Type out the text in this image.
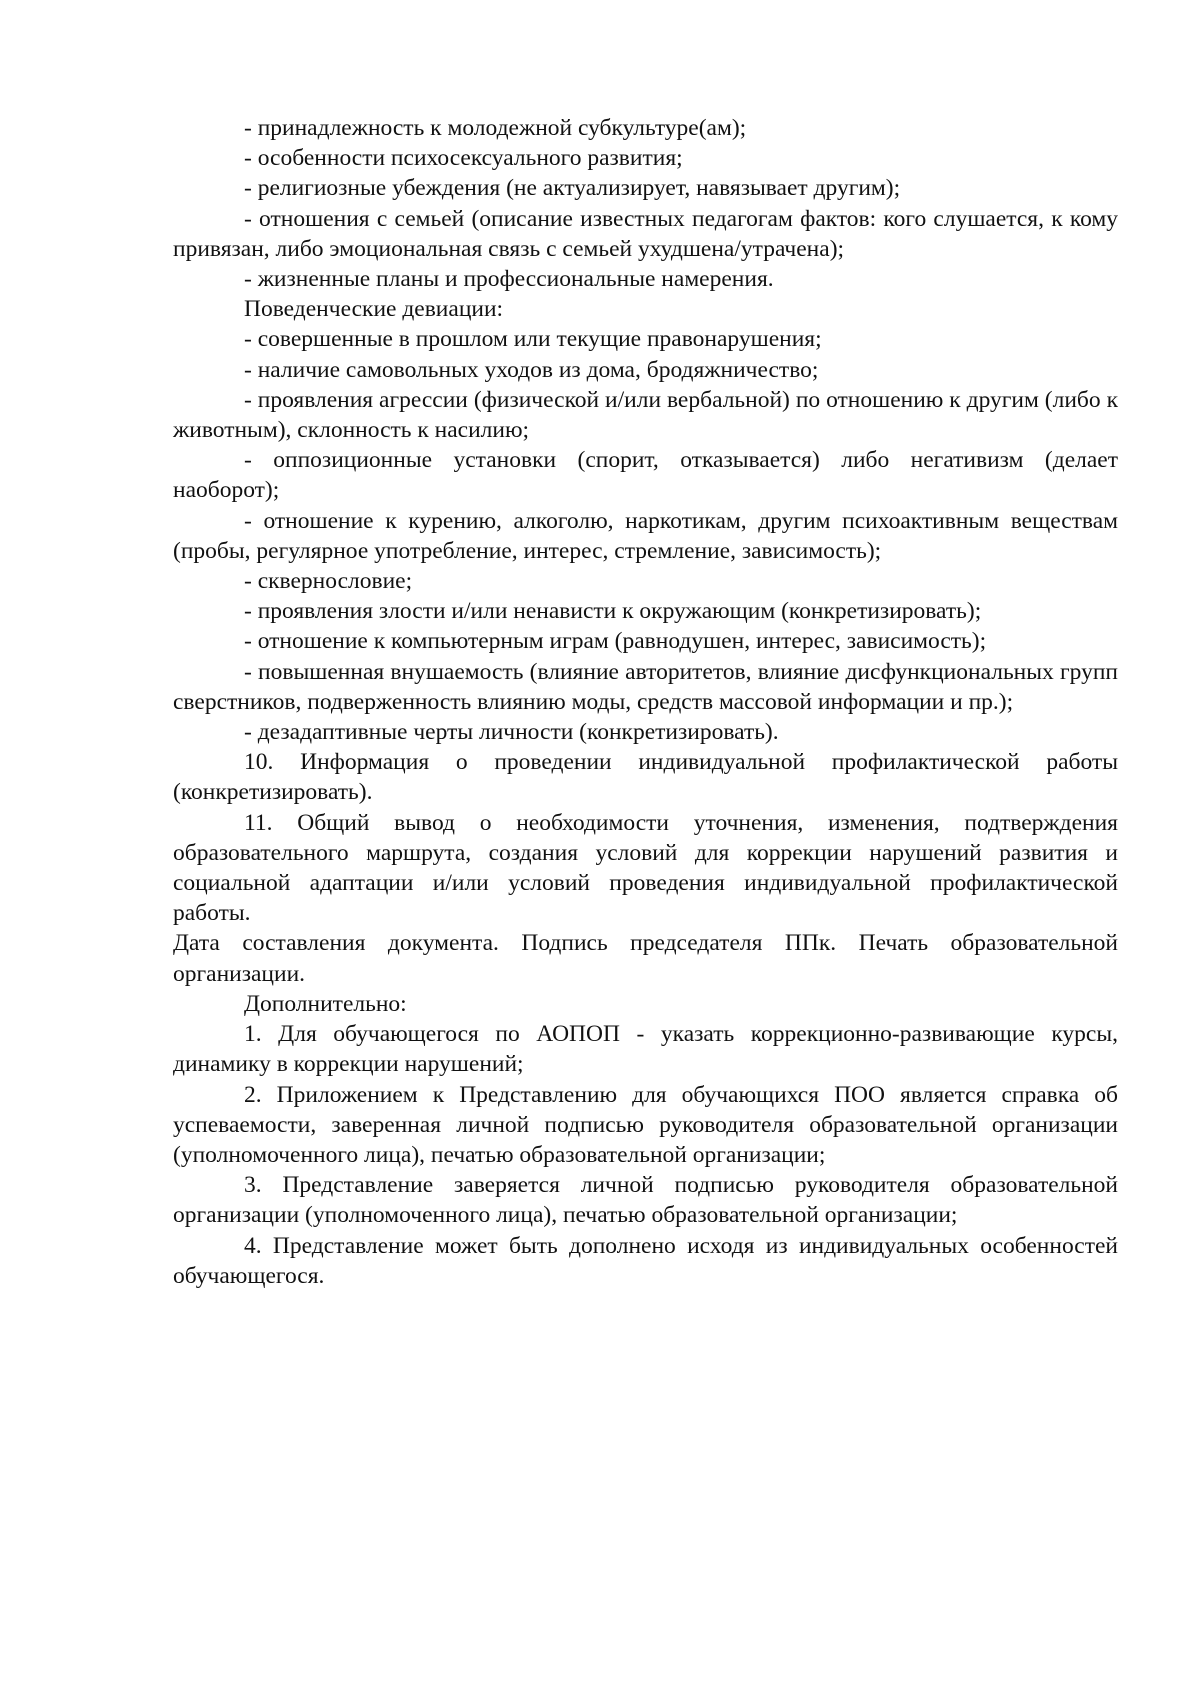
- принадлежность к молодежной субкультуре(ам);

- особенности психосексуального развития;

- религиозные убеждения (не актуализирует, навязывает другим);

- отношения с семьей (описание известных педагогам фактов: кого слушается, к кому привязан, либо эмоциональная связь с семьей ухудшена/утрачена);

- жизненные планы и профессиональные намерения.

Поведенческие девиации:

- совершенные в прошлом или текущие правонарушения;

- наличие самовольных уходов из дома, бродяжничество;

- проявления агрессии (физической и/или вербальной) по отношению к другим (либо к животным), склонность к насилию;

- оппозиционные установки (спорит, отказывается) либо негативизм (делает наоборот);

- отношение к курению, алкоголю, наркотикам, другим психоактивным веществам (пробы, регулярное употребление, интерес, стремление, зависимость);

- сквернословие;

- проявления злости и/или ненависти к окружающим (конкретизировать);

- отношение к компьютерным играм (равнодушен, интерес, зависимость);

- повышенная внушаемость (влияние авторитетов, влияние дисфункциональных групп сверстников, подверженность влиянию моды, средств массовой информации и пр.);

- дезадаптивные черты личности (конкретизировать).

10. Информация о проведении индивидуальной профилактической работы (конкретизировать).

11. Общий вывод о необходимости уточнения, изменения, подтверждения образовательного маршрута, создания условий для коррекции нарушений развития и социальной адаптации и/или условий проведения индивидуальной профилактической работы.

Дата составления документа. Подпись председателя ППк. Печать образовательной организации.

Дополнительно:

1. Для обучающегося по АОПОП - указать коррекционно-развивающие курсы, динамику в коррекции нарушений;

2. Приложением к Представлению для обучающихся ПОО является справка об успеваемости, заверенная личной подписью руководителя образовательной организации (уполномоченного лица), печатью образовательной организации;

3. Представление заверяется личной подписью руководителя образовательной организации (уполномоченного лица), печатью образовательной организации;

4. Представление может быть дополнено исходя из индивидуальных особенностей обучающегося.
